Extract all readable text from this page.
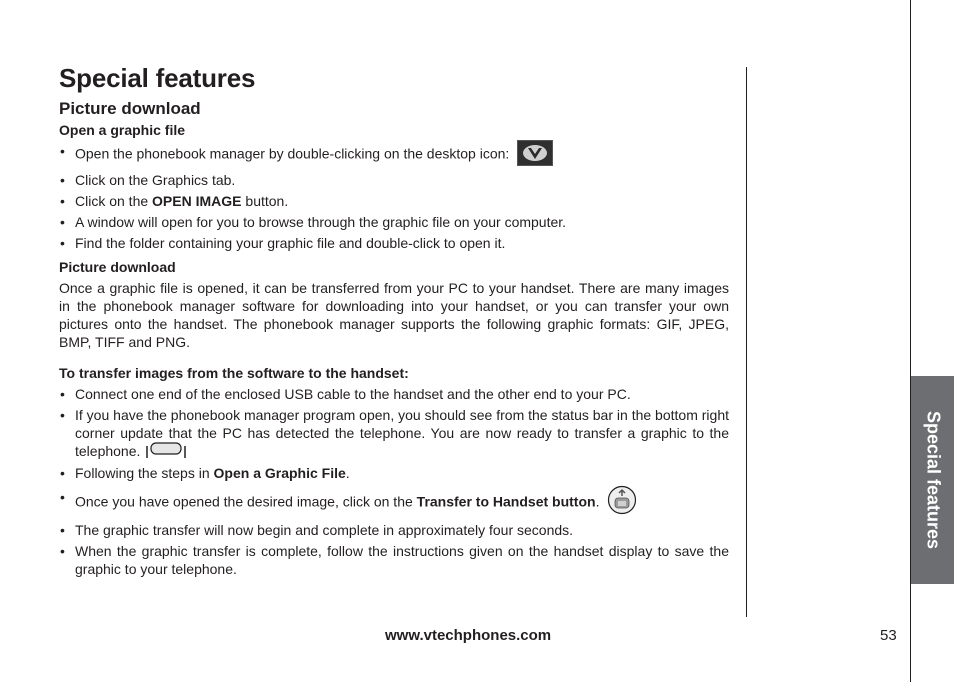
Special features
Picture download
Special features

Open a graphic file

• Open the phonebook manager by double-clicking on the desktop icon:
• Click on the Graphics tab.
• Click on the OPEN IMAGE button.
• A window will open for you to browse through the graphic file on your computer.
• Find the folder containing your graphic file and double-click to open it.

Picture download

Once a graphic file is opened, it can be transferred from your PC to your handset. There are many images in the phonebook manager software for downloading into your handset, or you can transfer your own pictures onto the handset. The phonebook manager supports the following graphic formats: GIF, JPEG, BMP, TIFF and PNG.

To transfer images from the software to the handset:

• Connect one end of the enclosed USB cable to the handset and the other end to your PC.
• If you have the phonebook manager program open, you should see from the status bar in the bottom right corner update that the PC has detected the telephone. You are now ready to transfer a graphic to the telephone.
• Following the steps in Open a Graphic File.
• Once you have opened the desired image, click on the Transfer to Handset button.
• The graphic transfer will now begin and complete in approximately four seconds.
• When the graphic transfer is complete, follow the instructions given on the handset display to save the graphic to your telephone.

www.vtechphones.com	53
